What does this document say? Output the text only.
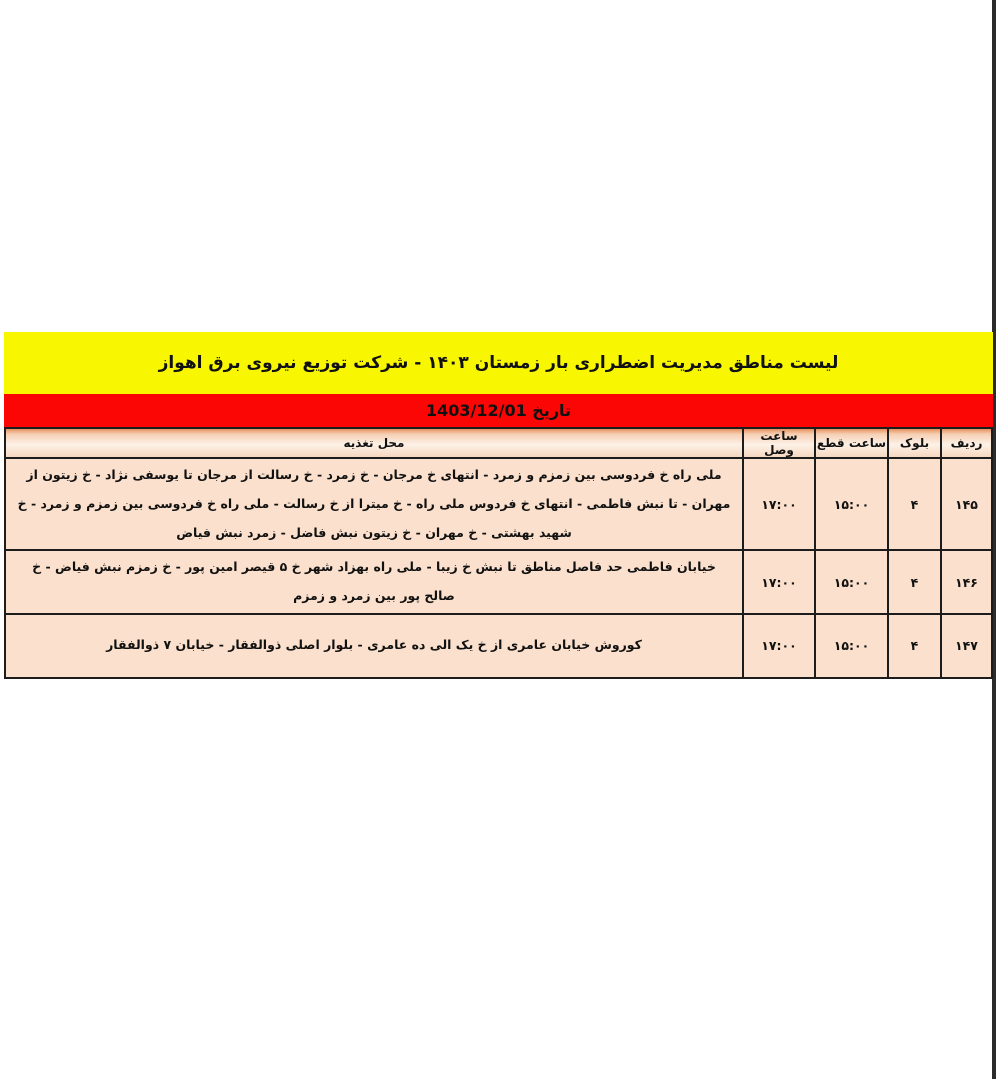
لیست مناطق مدیریت اضطراری بار زمستان ۱۴۰۳ - شرکت توزیع نیروی برق اهواز
تاریخ 1403/12/01
ردیف	بلوک	ساعت قطع	ساعت وصل	محل تغذیه
۱۴۵	۴	۱۵:۰۰	۱۷:۰۰	ملی راه خ فردوسی بین زمزم و زمرد - انتهای خ مرجان - خ زمرد - خ رسالت از مرجان تا یوسفی نژاد - خ زیتون از مهران - تا نبش فاطمی - انتهای خ فردوس ملی راه - خ میترا از خ رسالت - ملی راه خ فردوسی بین زمزم و زمرد - خ شهید بهشتی - خ مهران - خ زیتون نبش فاضل - زمرد نبش فیاض
۱۴۶	۴	۱۵:۰۰	۱۷:۰۰	خیابان فاطمی حد فاصل مناطق تا نبش خ زیبا - ملی راه بهزاد شهر خ ۵ قیصر امین پور - خ زمزم نبش فیاض - خ صالح پور بین زمرد و زمزم
۱۴۷	۴	۱۵:۰۰	۱۷:۰۰	کوروش خیابان عامری از خ یک الی ده عامری - بلوار اصلی ذوالفقار - خیابان ۷ ذوالفقار
